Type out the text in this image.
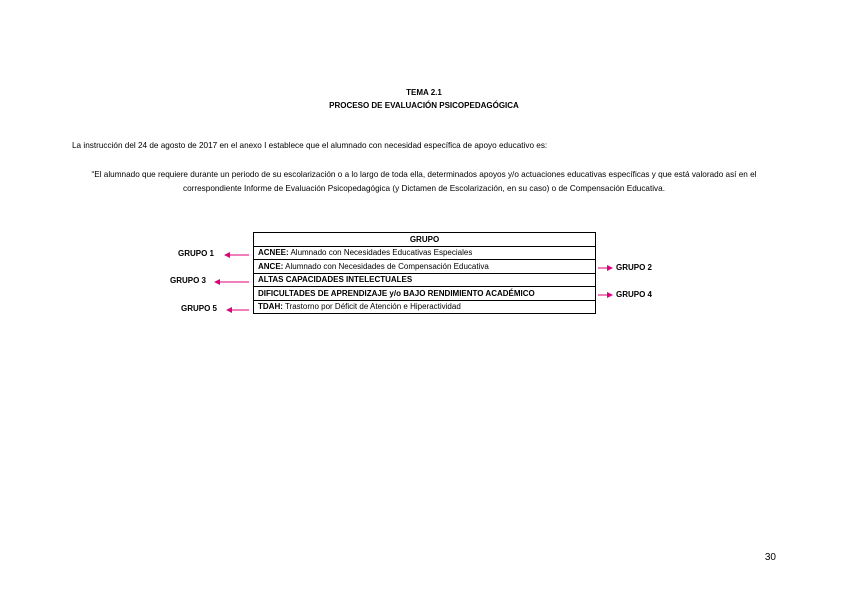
TEMA 2.1
PROCESO DE EVALUACIÓN PSICOPEDAGÓGICA
La instrucción del 24 de agosto de 2017 en el anexo I establece que el alumnado con necesidad específica de apoyo educativo es:
“El alumnado que requiere durante un periodo de su escolarización o a lo largo de toda ella, determinados apoyos y/o actuaciones educativas específicas y que está valorado así en el correspondiente Informe de Evaluación Psicopedagógica (y Dictamen de Escolarización, en su caso) o de Compensación Educativa.
GRUPO
ACNEE: Alumnado con Necesidades Educativas Especiales
ANCE: Alumnado con Necesidades de Compensación Educativa
ALTAS CAPACIDADES INTELECTUALES
DIFICULTADES DE APRENDIZAJE y/o BAJO RENDIMIENTO ACADÉMICO
TDAH: Trastorno por Déficit de Atención e Hiperactividad
GRUPO 1
GRUPO 3
GRUPO 5
GRUPO 2
GRUPO 4
30
